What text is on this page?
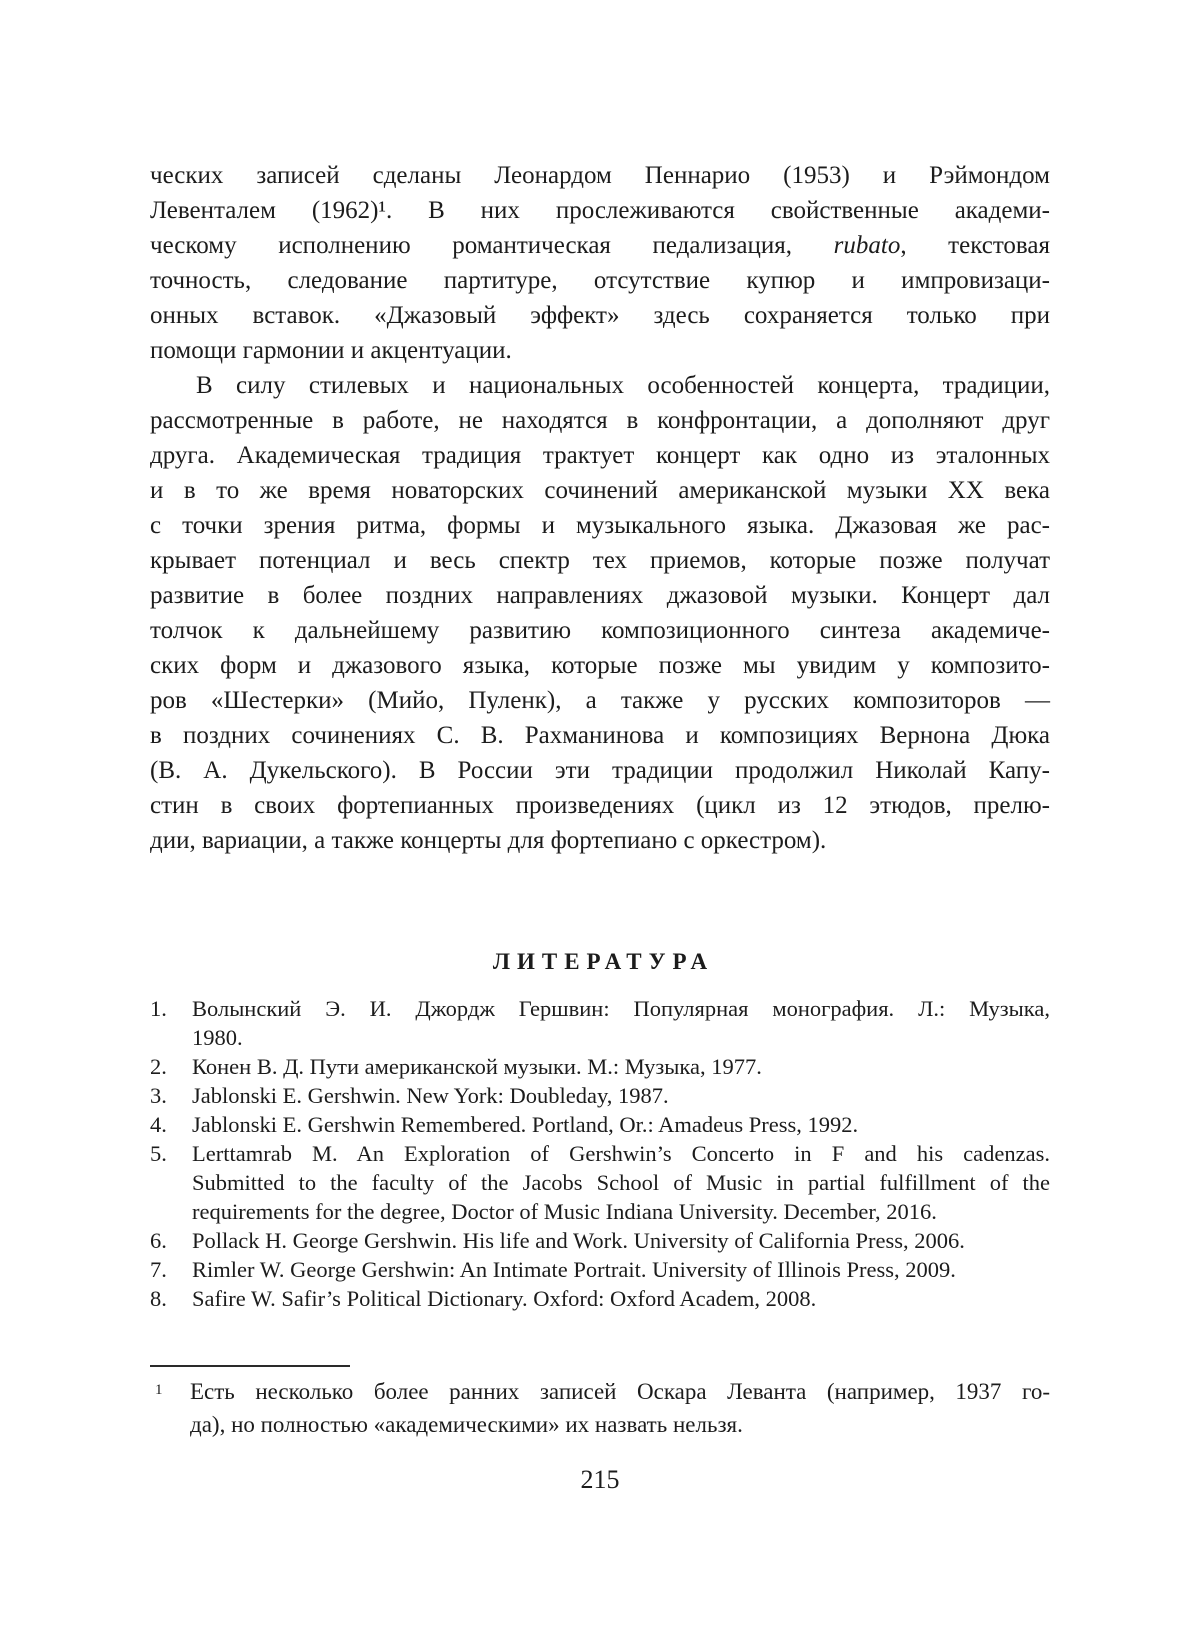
ческих записей сделаны Леонардом Пеннарио (1953) и Рэймондом
Левенталем (1962)¹. В них прослеживаются свойственные академи-
ческому исполнению романтическая педализация, rubato, текстовая
точность, следование партитуре, отсутствие купюр и импровизаци-
онных вставок. «Джазовый эффект» здесь сохраняется только при
помощи гармонии и акцентуации.
В силу стилевых и национальных особенностей концерта, традиции,
рассмотренные в работе, не находятся в конфронтации, а дополняют друг
друга. Академическая традиция трактует концерт как одно из эталонных
и в то же время новаторских сочинений американской музыки XX века
с точки зрения ритма, формы и музыкального языка. Джазовая же рас-
крывает потенциал и весь спектр тех приемов, которые позже получат
развитие в более поздних направлениях джазовой музыки. Концерт дал
толчок к дальнейшему развитию композиционного синтеза академиче-
ских форм и джазового языка, которые позже мы увидим у композито-
ров «Шестерки» (Мийо, Пуленк), а также у русских композиторов —
в поздних сочинениях С. В. Рахманинова и композициях Вернона Дюка
(В. А. Дукельского). В России эти традиции продолжил Николай Капу-
стин в своих фортепианных произведениях (цикл из 12 этюдов, прелю-
дии, вариации, а также концерты для фортепиано с оркестром).
ЛИТЕРАТУРА
1.	Волынский Э. И. Джордж Гершвин: Популярная монография. Л.: Музыка,
1980.
2.	Конен В. Д. Пути американской музыки. М.: Музыка, 1977.
3.	Jablonski E. Gershwin. New York: Doubleday, 1987.
4.	Jablonski E. Gershwin Remembered. Portland, Or.: Amadeus Press, 1992.
5.	Lerttamrab M. An Exploration of Gershwin’s Concerto in F and his cadenzas.
Submitted to the faculty of the Jacobs School of Music in partial fulfillment of the
requirements for the degree, Doctor of Music Indiana University. December, 2016.
6.	Pollack H. George Gershwin. His life and Work. University of California Press, 2006.
7.	Rimler W. George Gershwin: An Intimate Portrait. University of Illinois Press, 2009.
8.	Safire W. Safir’s Political Dictionary. Oxford: Oxford Academ, 2008.
1	Есть несколько более ранних записей Оскара Леванта (например, 1937 го-
да), но полностью «академическими» их назвать нельзя.
215
